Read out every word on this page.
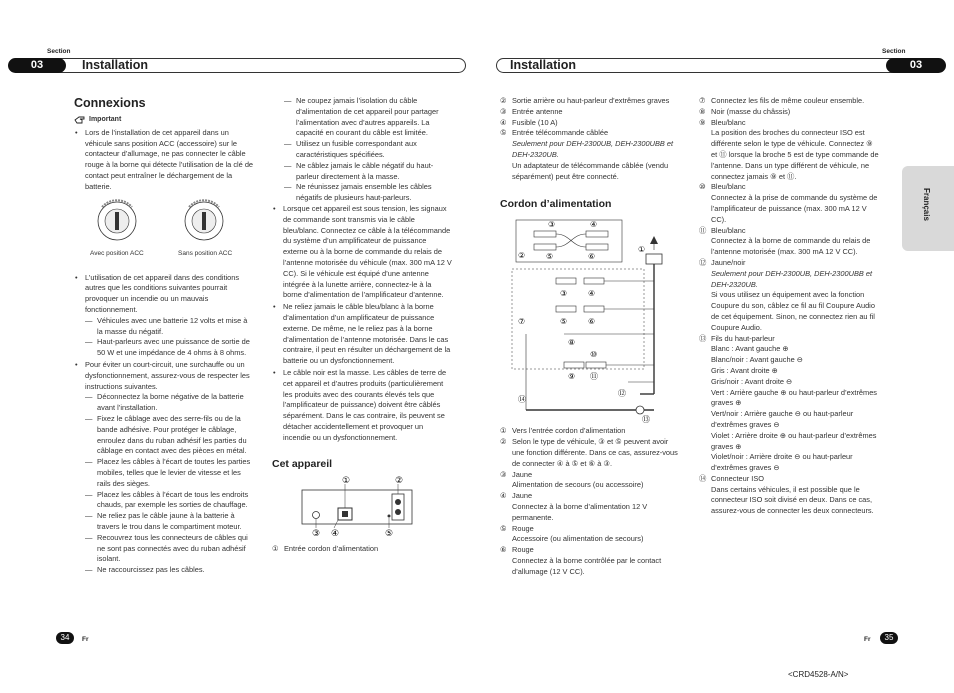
Section	Section
03	Installation	03
Installation
Français
Connexions
Important
• Lors de l’installation de cet appareil dans un véhicule sans position ACC (accessoire) sur le contacteur d’allumage, ne pas connecter le câble rouge à la borne qui détecte l’utilisation de la clé de contact peut entraîner le déchargement de la batterie.
Avec position ACC	Sans position ACC
• L’utilisation de cet appareil dans des conditions autres que les conditions suivantes pourrait provoquer un incendie ou un mauvais fonctionnement.
— Véhicules avec une batterie 12 volts et mise à la masse du négatif.
— Haut-parleurs avec une puissance de sortie de 50 W et une impédance de 4 ohms à 8 ohms.
• Pour éviter un court-circuit, une surchauffe ou un dysfonctionnement, assurez-vous de respecter les instructions suivantes.
— Déconnectez la borne négative de la batterie avant l’installation.
— Fixez le câblage avec des serre-fils ou de la bande adhésive. Pour protéger le câblage, enroulez dans du ruban adhésif les parties du câblage en contact avec des pièces en métal.
— Placez les câbles à l’écart de toutes les parties mobiles, telles que le levier de vitesse et les rails des sièges.
— Placez les câbles à l’écart de tous les endroits chauds, par exemple les sorties de chauffage.
— Ne reliez pas le câble jaune à la batterie à travers le trou dans le compartiment moteur.
— Recouvrez tous les connecteurs de câbles qui ne sont pas connectés avec du ruban adhésif isolant.
— Ne raccourcissez pas les câbles.
— Ne coupez jamais l’isolation du câble d’alimentation de cet appareil pour partager l’alimentation avec d’autres appareils. La capacité en courant du câble est limitée.
— Utilisez un fusible correspondant aux caractéristiques spécifiées.
— Ne câblez jamais le câble négatif du haut-parleur directement à la masse.
— Ne réunissez jamais ensemble les câbles négatifs de plusieurs haut-parleurs.
• Lorsque cet appareil est sous tension, les signaux de commande sont transmis via le câble bleu/blanc. Connectez ce câble à la télécommande du système d’un amplificateur de puissance externe ou à la borne de commande du relais de l’antenne motorisée du véhicule (max. 300 mA 12 V CC). Si le véhicule est équipé d’une antenne intégrée à la lunette arrière, connectez-le à la borne d’alimentation de l’amplificateur d’antenne.
• Ne reliez jamais le câble bleu/blanc à la borne d’alimentation d’un amplificateur de puissance externe. De même, ne le reliez pas à la borne d’alimentation de l’antenne motorisée. Dans le cas contraire, il peut en résulter un déchargement de la batterie ou un dysfonctionnement.
• Le câble noir est la masse. Les câbles de terre de cet appareil et d’autres produits (particulièrement les produits avec des courants élevés tels que l’amplificateur de puissance) doivent être câblés séparément. Dans le cas contraire, ils peuvent se détacher accidentellement et provoquer un incendie ou un dysfonctionnement.
Cet appareil
①	②
③ ④	⑤
① Entrée cordon d’alimentation
② Sortie arrière ou haut-parleur d’extrêmes graves
③ Entrée antenne
④ Fusible (10 A)
⑤ Entrée télécommande câblée
Seulement pour DEH-2300UB, DEH-2300UBB et DEH-2320UB.
Un adaptateur de télécommande câblée (vendu séparément) peut être connecté.
Cordon d’alimentation
③	④
⑤	⑥
②
①
③	④
⑤	⑥
⑦
⑧
⑩
⑨ ⑪
⑫
⑭
⑬
① Vers l’entrée cordon d’alimentation
② Selon le type de véhicule, ③ et ⑤ peuvent avoir une fonction différente. Dans ce cas, assurez-vous de connecter ④ à ⑤ et ⑥ à ③.
③ Jaune
Alimentation de secours (ou accessoire)
④ Jaune
Connectez à la borne d’alimentation 12 V permanente.
⑤ Rouge
Accessoire (ou alimentation de secours)
⑥ Rouge
Connectez à la borne contrôlée par le contact d’allumage (12 V CC).
⑦ Connectez les fils de même couleur ensemble.
⑧ Noir (masse du châssis)
⑨ Bleu/blanc
La position des broches du connecteur ISO est différente selon le type de véhicule. Connectez ⑨ et ⑪ lorsque la broche 5 est de type commande de l’antenne. Dans un type différent de véhicule, ne connectez jamais ⑨ et ⑪.
⑩ Bleu/blanc
Connectez à la prise de commande du système de l’amplificateur de puissance (max. 300 mA 12 V CC).
⑪ Bleu/blanc
Connectez à la borne de commande du relais de l’antenne motorisée (max. 300 mA 12 V CC).
⑫ Jaune/noir
Seulement pour DEH-2300UB, DEH-2300UBB et DEH-2320UB.
Si vous utilisez un équipement avec la fonction Coupure du son, câblez ce fil au fil Coupure Audio de cet équipement. Sinon, ne connectez rien au fil Coupure Audio.
⑬ Fils du haut-parleur
Blanc : Avant gauche ⊕
Blanc/noir : Avant gauche ⊖
Gris : Avant droite ⊕
Gris/noir : Avant droite ⊖
Vert : Arrière gauche ⊕ ou haut-parleur d’extrêmes graves ⊕
Vert/noir : Arrière gauche ⊖ ou haut-parleur d’extrêmes graves ⊖
Violet : Arrière droite ⊕ ou haut-parleur d’extrêmes graves ⊕
Violet/noir : Arrière droite ⊖ ou haut-parleur d’extrêmes graves ⊖
⑭ Connecteur ISO
Dans certains véhicules, il est possible que le connecteur ISO soit divisé en deux. Dans ce cas, assurez-vous de connecter les deux connecteurs.
34	Fr	35
Fr
<CRD4528-A/N>
